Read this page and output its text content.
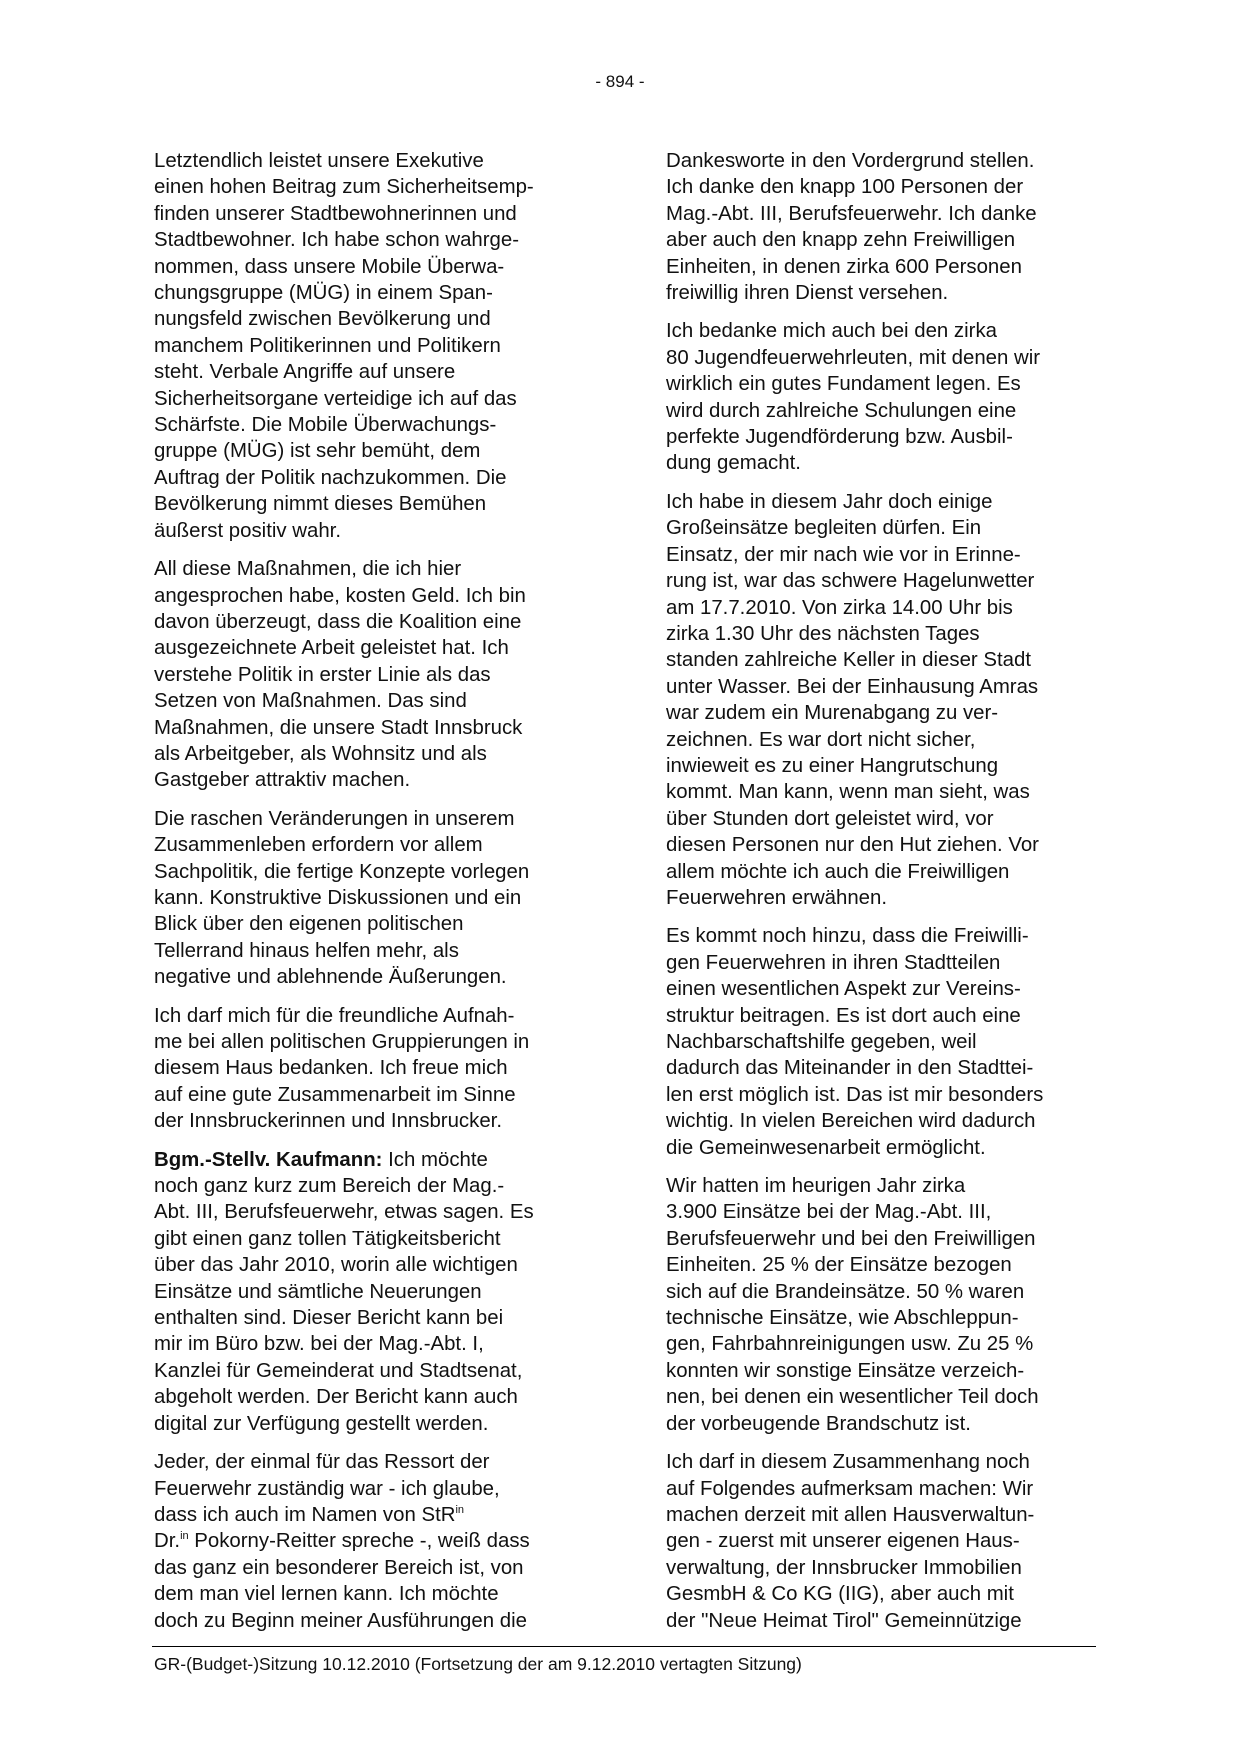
- 894 -

Letztendlich leistet unsere Exekutive
einen hohen Beitrag zum Sicherheitsemp-
finden unserer Stadtbewohnerinnen und
Stadtbewohner. Ich habe schon wahrge-
nommen, dass unsere Mobile Überwa-
chungsgruppe (MÜG) in einem Span-
nungsfeld zwischen Bevölkerung und
manchem Politikerinnen und Politikern
steht. Verbale Angriffe auf unsere
Sicherheitsorgane verteidige ich auf das
Schärfste. Die Mobile Überwachungs-
gruppe (MÜG) ist sehr bemüht, dem
Auftrag der Politik nachzukommen. Die
Bevölkerung nimmt dieses Bemühen
äußerst positiv wahr.

All diese Maßnahmen, die ich hier
angesprochen habe, kosten Geld. Ich bin
davon überzeugt, dass die Koalition eine
ausgezeichnete Arbeit geleistet hat. Ich
verstehe Politik in erster Linie als das
Setzen von Maßnahmen. Das sind
Maßnahmen, die unsere Stadt Innsbruck
als Arbeitgeber, als Wohnsitz und als
Gastgeber attraktiv machen.

Die raschen Veränderungen in unserem
Zusammenleben erfordern vor allem
Sachpolitik, die fertige Konzepte vorlegen
kann. Konstruktive Diskussionen und ein
Blick über den eigenen politischen
Tellerrand hinaus helfen mehr, als
negative und ablehnende Äußerungen.

Ich darf mich für die freundliche Aufnah-
me bei allen politischen Gruppierungen in
diesem Haus bedanken. Ich freue mich
auf eine gute Zusammenarbeit im Sinne
der Innsbruckerinnen und Innsbrucker.

Bgm.-Stellv. Kaufmann: Ich möchte
noch ganz kurz zum Bereich der Mag.-
Abt. III, Berufsfeuerwehr, etwas sagen. Es
gibt einen ganz tollen Tätigkeitsbericht
über das Jahr 2010, worin alle wichtigen
Einsätze und sämtliche Neuerungen
enthalten sind. Dieser Bericht kann bei
mir im Büro bzw. bei der Mag.-Abt. I,
Kanzlei für Gemeinderat und Stadtsenat,
abgeholt werden. Der Bericht kann auch
digital zur Verfügung gestellt werden.

Jeder, der einmal für das Ressort der
Feuerwehr zuständig war - ich glaube,
dass ich auch im Namen von StR$^{in}$
Dr.$^{in}$ Pokorny-Reitter spreche -, weiß dass
das ganz ein besonderer Bereich ist, von
dem man viel lernen kann. Ich möchte
doch zu Beginn meiner Ausführungen die

Dankesworte in den Vordergrund stellen.
Ich danke den knapp 100 Personen der
Mag.-Abt. III, Berufsfeuerwehr. Ich danke
aber auch den knapp zehn Freiwilligen
Einheiten, in denen zirka 600 Personen
freiwillig ihren Dienst versehen.

Ich bedanke mich auch bei den zirka
80 Jugendfeuerwehrleuten, mit denen wir
wirklich ein gutes Fundament legen. Es
wird durch zahlreiche Schulungen eine
perfekte Jugendförderung bzw. Ausbil-
dung gemacht.

Ich habe in diesem Jahr doch einige
Großeinsätze begleiten dürfen. Ein
Einsatz, der mir nach wie vor in Erinne-
rung ist, war das schwere Hagelunwetter
am 17.7.2010. Von zirka 14.00 Uhr bis
zirka 1.30 Uhr des nächsten Tages
standen zahlreiche Keller in dieser Stadt
unter Wasser. Bei der Einhausung Amras
war zudem ein Murenabgang zu ver-
zeichnen. Es war dort nicht sicher,
inwieweit es zu einer Hangrutschung
kommt. Man kann, wenn man sieht, was
über Stunden dort geleistet wird, vor
diesen Personen nur den Hut ziehen. Vor
allem möchte ich auch die Freiwilligen
Feuerwehren erwähnen.

Es kommt noch hinzu, dass die Freiwilli-
gen Feuerwehren in ihren Stadtteilen
einen wesentlichen Aspekt zur Vereins-
struktur beitragen. Es ist dort auch eine
Nachbarschaftshilfe gegeben, weil
dadurch das Miteinander in den Stadttei-
len erst möglich ist. Das ist mir besonders
wichtig. In vielen Bereichen wird dadurch
die Gemeinwesenarbeit ermöglicht.

Wir hatten im heurigen Jahr zirka
3.900 Einsätze bei der Mag.-Abt. III,
Berufsfeuerwehr und bei den Freiwilligen
Einheiten. 25 % der Einsätze bezogen
sich auf die Brandeinsätze. 50 % waren
technische Einsätze, wie Abschleppun-
gen, Fahrbahnreinigungen usw. Zu 25 %
konnten wir sonstige Einsätze verzeich-
nen, bei denen ein wesentlicher Teil doch
der vorbeugende Brandschutz ist.

Ich darf in diesem Zusammenhang noch
auf Folgendes aufmerksam machen: Wir
machen derzeit mit allen Hausverwaltun-
gen - zuerst mit unserer eigenen Haus-
verwaltung, der Innsbrucker Immobilien
GesmbH & Co KG (IIG), aber auch mit
der "Neue Heimat Tirol" Gemeinnützige

GR-(Budget-)Sitzung 10.12.2010 (Fortsetzung der am 9.12.2010 vertagten Sitzung)
